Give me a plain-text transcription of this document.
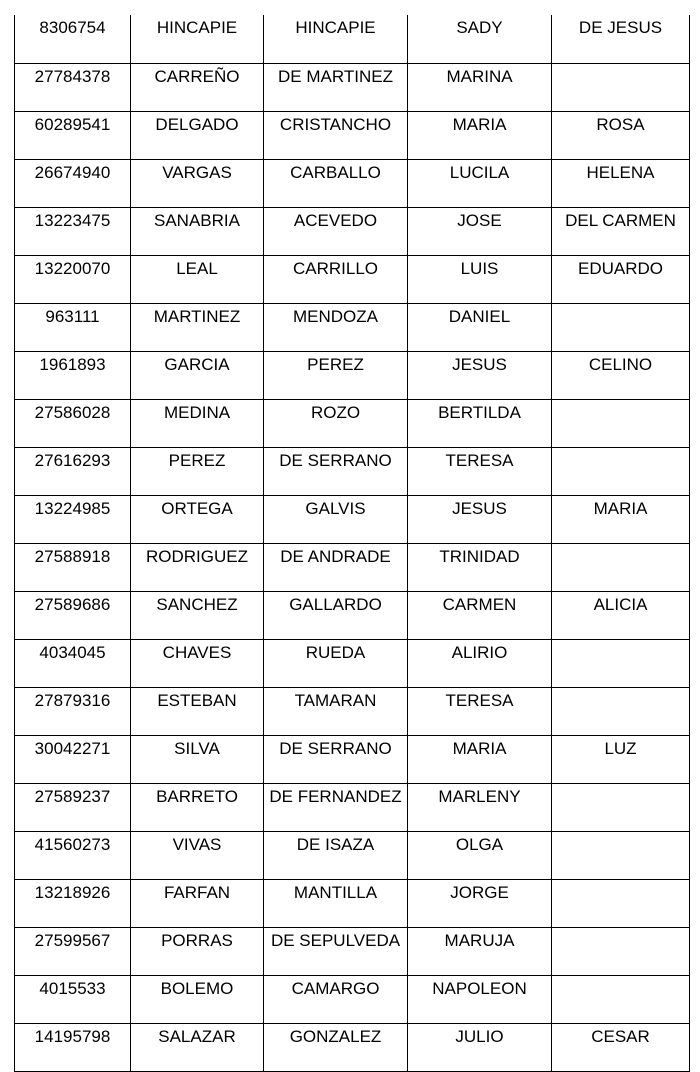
8306754	HINCAPIE	HINCAPIE	SADY	DE JESUS

27784378	CARREÑO	DE MARTINEZ	MARINA	

60289541	DELGADO	CRISTANCHO	MARIA	ROSA

26674940	VARGAS	CARBALLO	LUCILA	HELENA

13223475	SANABRIA	ACEVEDO	JOSE	DEL CARMEN

13220070	LEAL	CARRILLO	LUIS	EDUARDO

963111	MARTINEZ	MENDOZA	DANIEL	

1961893	GARCIA	PEREZ	JESUS	CELINO

27586028	MEDINA	ROZO	BERTILDA	

27616293	PEREZ	DE SERRANO	TERESA	

13224985	ORTEGA	GALVIS	JESUS	MARIA

27588918	RODRIGUEZ	DE ANDRADE	TRINIDAD	

27589686	SANCHEZ	GALLARDO	CARMEN	ALICIA

4034045	CHAVES	RUEDA	ALIRIO	

27879316	ESTEBAN	TAMARAN	TERESA	

30042271	SILVA	DE SERRANO	MARIA	LUZ

27589237	BARRETO	DE FERNANDEZ	MARLENY	

41560273	VIVAS	DE ISAZA	OLGA	

13218926	FARFAN	MANTILLA	JORGE	

27599567	PORRAS	DE SEPULVEDA	MARUJA	

4015533	BOLEMO	CAMARGO	NAPOLEON	

14195798	SALAZAR	GONZALEZ	JULIO	CESAR
